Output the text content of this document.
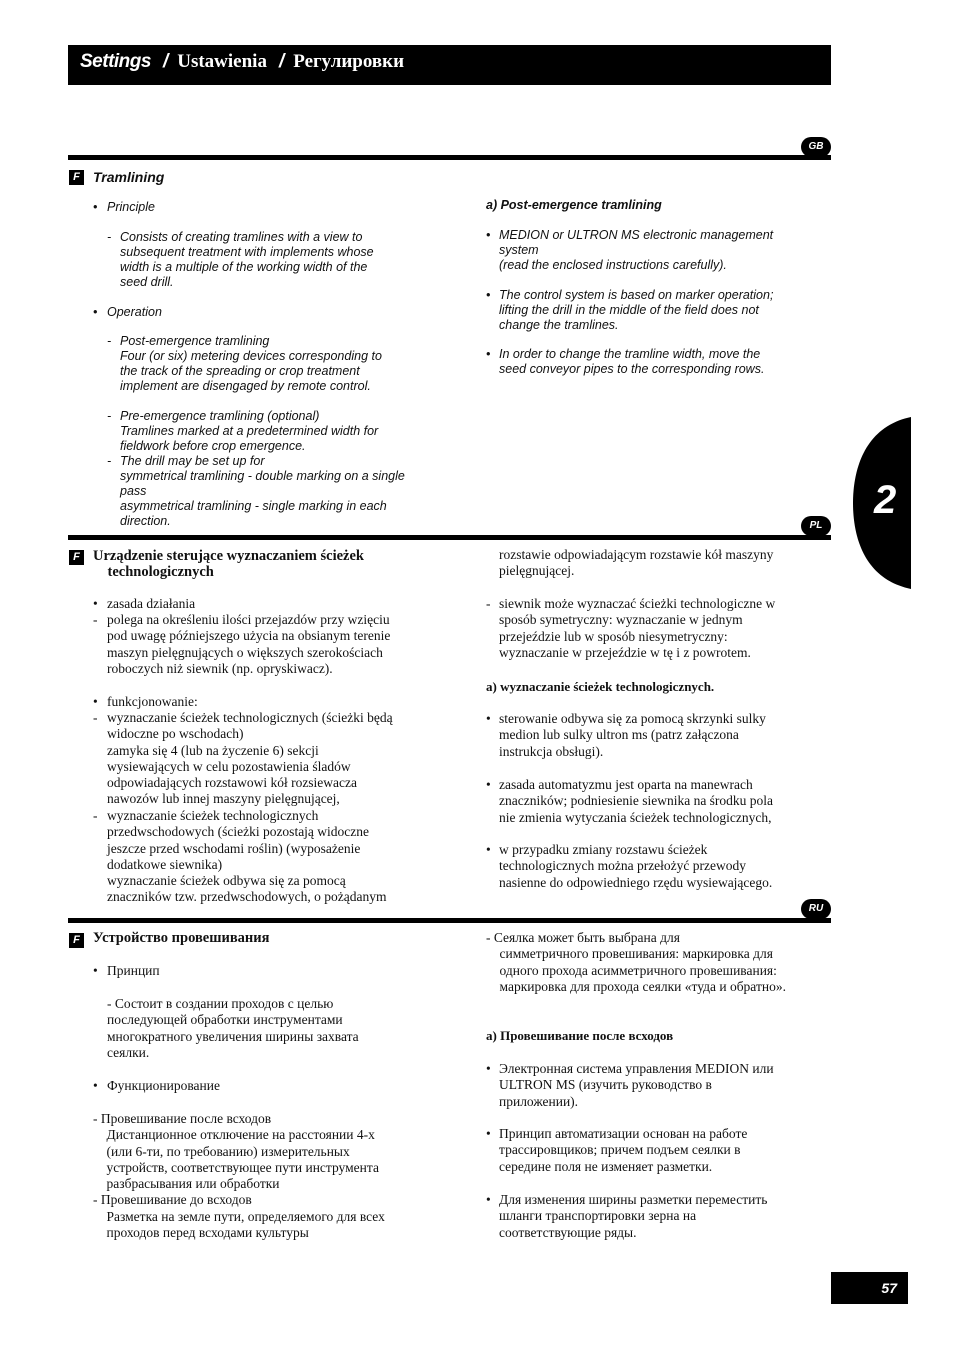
Settings / Ustawienia / Регулировки
GB
F Tramlining
• Principle
- Consists of creating tramlines with a view to
subsequent treatment with implements whose
width is a multiple of the working width of the
seed drill.
• Operation
- Post-emergence tramlining
Four (or six) metering devices corresponding to
the track of the spreading or crop treatment
implement are disengaged by remote control.
- Pre-emergence tramlining (optional)
Tramlines marked at a predetermined width for
fieldwork before crop emergence.
- The drill may be set up for
symmetrical tramlining - double marking on a single
pass
asymmetrical tramlining - single marking in each
direction.
a) Post-emergence tramlining
• MEDION or ULTRON MS electronic management
system
(read the enclosed instructions carefully).
• The control system is based on marker operation;
lifting the drill in the middle of the field does not
change the tramlines.
• In order to change the tramline width, move the
seed conveyor pipes to the corresponding rows.
PL
F Urządzenie sterujące wyznaczaniem ścieżek
technologicznych
• zasada działania
- polega na określeniu ilości przejazdów przy wzięciu
pod uwagę późniejszego użycia na obsianym terenie
maszyn pielęgnujących o większych szerokościach
roboczych niż siewnik (np. opryskiwacz).
• funkcjonowanie:
- wyznaczanie ścieżek technologicznych (ścieżki będą
widoczne po wschodach)
zamyka się 4 (lub na życzenie 6) sekcji
wysiewających w celu pozostawienia śladów
odpowiadających rozstawowi kół rozsiewacza
nawozów lub innej maszyny pielęgnującej,
- wyznaczanie ścieżek technologicznych
przedwschodowych (ścieżki pozostają widoczne
jeszcze przed wschodami roślin) (wyposażenie
dodatkowe siewnika)
wyznaczanie ścieżek odbywa się za pomocą
znaczników tzw. przedwschodowych, o pożądanym
rozstawie odpowiadającym rozstawie kół maszyny
pielęgnującej.
- siewnik może wyznaczać ścieżki technologiczne w
sposób symetryczny: wyznaczanie w jednym
przejeździe lub w sposób niesymetryczny:
wyznaczanie w przejeździe w tę i z powrotem.
a) wyznaczanie ścieżek technologicznych.
• sterowanie odbywa się za pomocą skrzynki sulky
medion lub sulky ultron ms (patrz załączona
instrukcja obsługi).
• zasada automatyzmu jest oparta na manewrach
znaczników; podniesienie siewnika na środku pola
nie zmienia wytyczania ścieżek technologicznych,
• w przypadku zmiany rozstawu ścieżek
technologicznych można przełożyć przewody
nasienne do odpowiedniego rzędu wysiewającego.
RU
F Устройство провешивания
• Принцип
- Состоит в создании проходов с целью
последующей обработки инструментами
многократного увеличения ширины захвата
сеялки.
• Функционирование
- Провешивание после всходов
Дистанционное отключение на расстоянии 4-х
(или 6-ти, по требованию) измерительных
устройств, соответствующее пути инструмента
разбрасывания или обработки
- Провешивание до всходов
Разметка на земле пути, определяемого для всех
проходов перед всходами культуры
- Сеялка может быть выбрана для
симметричного провешивания: маркировка для
одного прохода асимметричного провешивания:
маркировка для прохода сеялки «туда и обратно».
a) Провешивание после всходов
• Электронная система управления MEDION или
ULTRON MS (изучить руководство в
приложении).
• Принцип автоматизации основан на работе
трассировщиков; причем подъем сеялки в
середине поля не изменяет разметки.
• Для изменения ширины разметки переместить
шланги транспортировки зерна на
соответствующие ряды.
2
57
